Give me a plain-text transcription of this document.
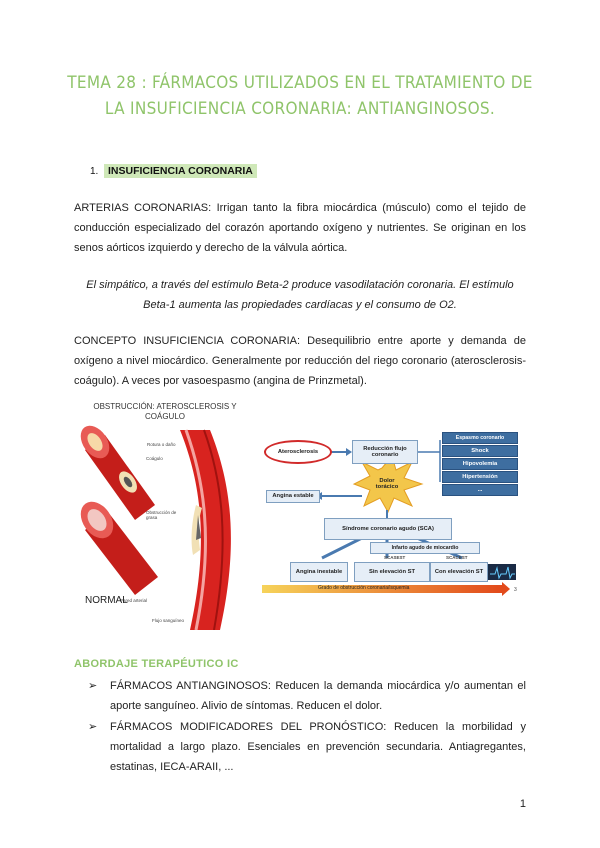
TEMA 28 : FÁRMACOS UTILIZADOS EN EL TRATAMIENTO DE LA INSUFICIENCIA CORONARIA: ANTIANGINOSOS.
1. INSUFICIENCIA CORONARIA

ARTERIAS CORONARIAS: Irrigan tanto la fibra miocárdica (músculo) como el tejido de conducción especializado del corazón aportando oxígeno y nutrientes. Se originan en los senos aórticos izquierdo y derecho de la válvula aórtica.

El simpático, a través del estímulo Beta-2 produce vasodilatación coronaria. El estímulo Beta-1 aumenta las propiedades cardíacas y el consumo de O2.

CONCEPTO INSUFICIENCIA CORONARIA: Desequilibrio entre aporte y demanda de oxígeno a nivel miocárdico. Generalmente por reducción del riego coronario (aterosclerosis-coágulo). A veces por vasoespasmo (angina de Prinzmetal).

OBSTRUCCIÓN: ATEROSCLEROSIS Y COÁGULO
Rotura o daño
Coágulo
Obstrucción de grasa
Pared arterial
Flujo sanguíneo
NORMAL
Aterosclerosis
Reducción flujo coronario
Espasmo coronario
Shock
Hipovolemia
Hipertensión
...
Dolor torácico
Angina estable
Síndrome coronario agudo (SCA)
Infarto agudo de miocardio
SCASEST	SCACEST
Angina inestable	Sin elevación ST	Con elevación ST
Grado de obstrucción coronaria/isquemia	3
ABORDAJE TERAPÉUTICO IC
➢ FÁRMACOS ANTIANGINOSOS: Reducen la demanda miocárdica y/o aumentan el aporte sanguíneo. Alivio de síntomas. Reducen el dolor.
➢ FÁRMACOS MODIFICADORES DEL PRONÓSTICO: Reducen la morbilidad y mortalidad a largo plazo. Esenciales en prevención secundaria. Antiagregantes, estatinas, IECA-ARAII, ...
1
